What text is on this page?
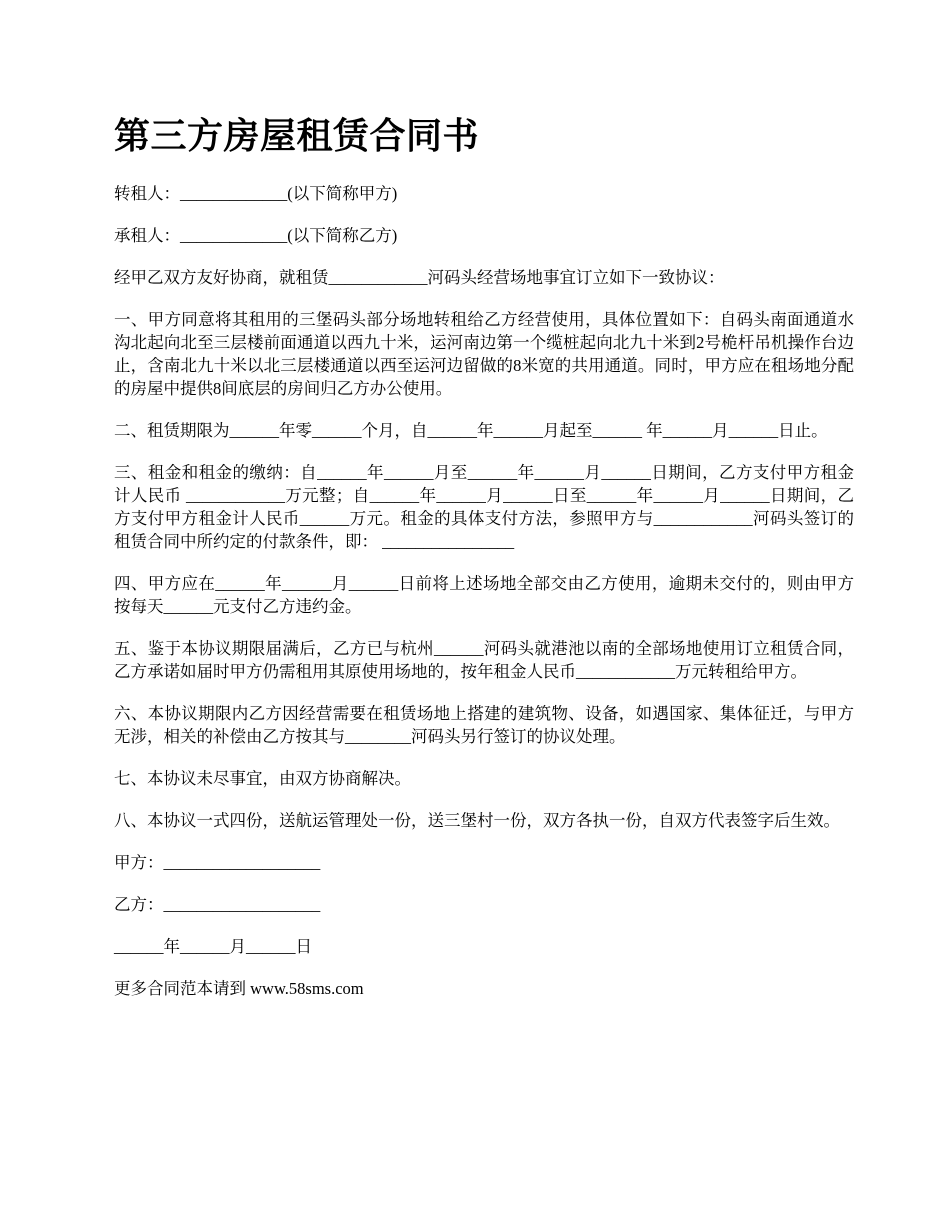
第三方房屋租赁合同书

转租人：_____________(以下简称甲方)

承租人：_____________(以下简称乙方)

经甲乙双方友好协商，就租赁____________河码头经营场地事宜订立如下一致协议：

一、甲方同意将其租用的三堡码头部分场地转租给乙方经营使用，具体位置如下：自码头南面通道水沟北起向北至三层楼前面通道以西九十米，运河南边第一个缆桩起向北九十米到2号桅杆吊机操作台边止，含南北九十米以北三层楼通道以西至运河边留做的8米宽的共用通道。同时，甲方应在租场地分配的房屋中提供8间底层的房间归乙方办公使用。

二、租赁期限为______年零______个月，自______年______月起至______ 年______月______日止。

三、租金和租金的缴纳：自______年______月至______年______月______日期间，乙方支付甲方租金计人民币 ____________万元整；自______年______月______日至______年______月______日期间，乙方支付甲方租金计人民币______万元。租金的具体支付方法，参照甲方与____________河码头签订的租赁合同中所约定的付款条件，即： ________________

四、甲方应在______年______月______日前将上述场地全部交由乙方使用，逾期未交付的，则由甲方按每天______元支付乙方违约金。

五、鉴于本协议期限届满后，乙方已与杭州______河码头就港池以南的全部场地使用订立租赁合同，乙方承诺如届时甲方仍需租用其原使用场地的，按年租金人民币____________万元转租给甲方。

六、本协议期限内乙方因经营需要在租赁场地上搭建的建筑物、设备，如遇国家、集体征迁，与甲方无涉，相关的补偿由乙方按其与________河码头另行签订的协议处理。

七、本协议未尽事宜，由双方协商解决。

八、本协议一式四份，送航运管理处一份，送三堡村一份，双方各执一份，自双方代表签字后生效。

甲方：___________________

乙方：___________________

______年______月______日

更多合同范本请到 www.58sms.com
